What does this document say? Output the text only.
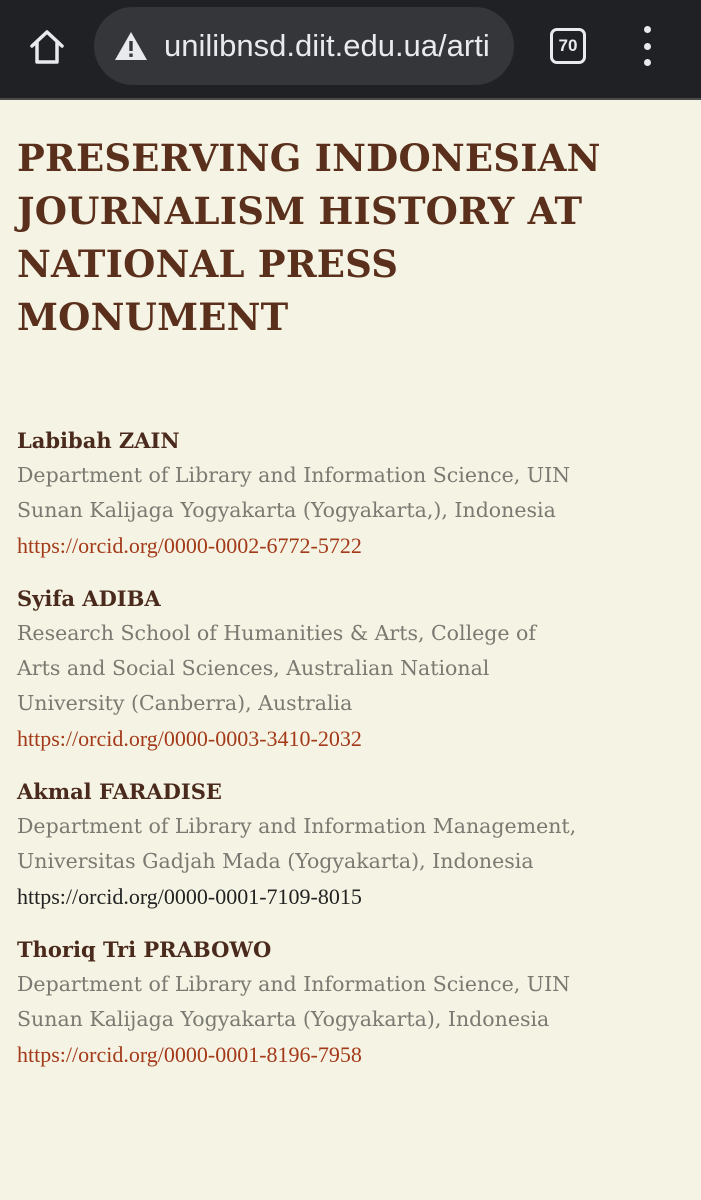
unilibnsd.diit.edu.ua/arti	70
PRESERVING INDONESIAN JOURNALISM HISTORY AT NATIONAL PRESS MONUMENT
Labibah ZAIN
Department of Library and Information Science, UIN Sunan Kalijaga Yogyakarta (Yogyakarta,), Indonesia
https://orcid.org/0000-0002-6772-5722
Syifa ADIBA
Research School of Humanities & Arts, College of Arts and Social Sciences, Australian National University (Canberra), Australia
https://orcid.org/0000-0003-3410-2032
Akmal FARADISE
Department of Library and Information Management, Universitas Gadjah Mada (Yogyakarta), Indonesia
https://orcid.org/0000-0001-7109-8015
Thoriq Tri PRABOWO
Department of Library and Information Science, UIN Sunan Kalijaga Yogyakarta (Yogyakarta), Indonesia
https://orcid.org/0000-0001-8196-7958
